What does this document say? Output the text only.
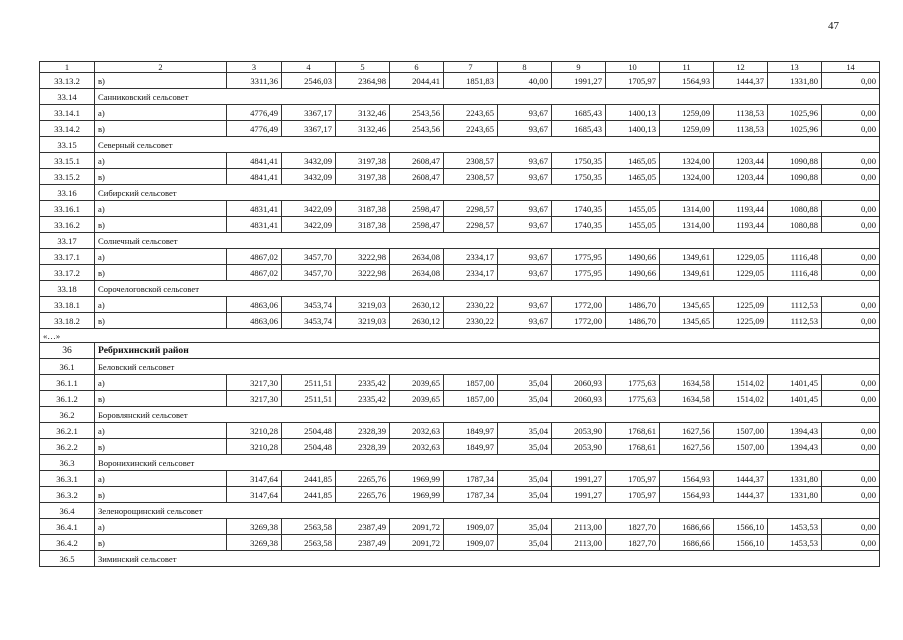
47
1	2	3	4	5	6	7	8	9	10	11	12	13	14
33.13.2	в)	3311,36	2546,03	2364,98	2044,41	1851,83	40,00	1991,27	1705,97	1564,93	1444,37	1331,80	0,00
33.14	Санниковский сельсовет												
33.14.1	а)	4776,49	3367,17	3132,46	2543,56	2243,65	93,67	1685,43	1400,13	1259,09	1138,53	1025,96	0,00
33.14.2	в)	4776,49	3367,17	3132,46	2543,56	2243,65	93,67	1685,43	1400,13	1259,09	1138,53	1025,96	0,00
33.15	Северный сельсовет												
33.15.1	а)	4841,41	3432,09	3197,38	2608,47	2308,57	93,67	1750,35	1465,05	1324,00	1203,44	1090,88	0,00
33.15.2	в)	4841,41	3432,09	3197,38	2608,47	2308,57	93,67	1750,35	1465,05	1324,00	1203,44	1090,88	0,00
33.16	Сибирский сельсовет												
33.16.1	а)	4831,41	3422,09	3187,38	2598,47	2298,57	93,67	1740,35	1455,05	1314,00	1193,44	1080,88	0,00
33.16.2	в)	4831,41	3422,09	3187,38	2598,47	2298,57	93,67	1740,35	1455,05	1314,00	1193,44	1080,88	0,00
33.17	Солнечный сельсовет												
33.17.1	а)	4867,02	3457,70	3222,98	2634,08	2334,17	93,67	1775,95	1490,66	1349,61	1229,05	1116,48	0,00
33.17.2	в)	4867,02	3457,70	3222,98	2634,08	2334,17	93,67	1775,95	1490,66	1349,61	1229,05	1116,48	0,00
33.18	Сорочелоговской сельсовет												
33.18.1	а)	4863,06	3453,74	3219,03	2630,12	2330,22	93,67	1772,00	1486,70	1345,65	1225,09	1112,53	0,00
33.18.2	в)	4863,06	3453,74	3219,03	2630,12	2330,22	93,67	1772,00	1486,70	1345,65	1225,09	1112,53	0,00
«…»													
36	Ребрихинский район												
36.1	Беловский сельсовет												
36.1.1	а)	3217,30	2511,51	2335,42	2039,65	1857,00	35,04	2060,93	1775,63	1634,58	1514,02	1401,45	0,00
36.1.2	в)	3217,30	2511,51	2335,42	2039,65	1857,00	35,04	2060,93	1775,63	1634,58	1514,02	1401,45	0,00
36.2	Боровлянский сельсовет												
36.2.1	а)	3210,28	2504,48	2328,39	2032,63	1849,97	35,04	2053,90	1768,61	1627,56	1507,00	1394,43	0,00
36.2.2	в)	3210,28	2504,48	2328,39	2032,63	1849,97	35,04	2053,90	1768,61	1627,56	1507,00	1394,43	0,00
36.3	Воронихинский сельсовет												
36.3.1	а)	3147,64	2441,85	2265,76	1969,99	1787,34	35,04	1991,27	1705,97	1564,93	1444,37	1331,80	0,00
36.3.2	в)	3147,64	2441,85	2265,76	1969,99	1787,34	35,04	1991,27	1705,97	1564,93	1444,37	1331,80	0,00
36.4	Зеленорощинский сельсовет												
36.4.1	а)	3269,38	2563,58	2387,49	2091,72	1909,07	35,04	2113,00	1827,70	1686,66	1566,10	1453,53	0,00
36.4.2	в)	3269,38	2563,58	2387,49	2091,72	1909,07	35,04	2113,00	1827,70	1686,66	1566,10	1453,53	0,00
36.5	Зиминский сельсовет												
